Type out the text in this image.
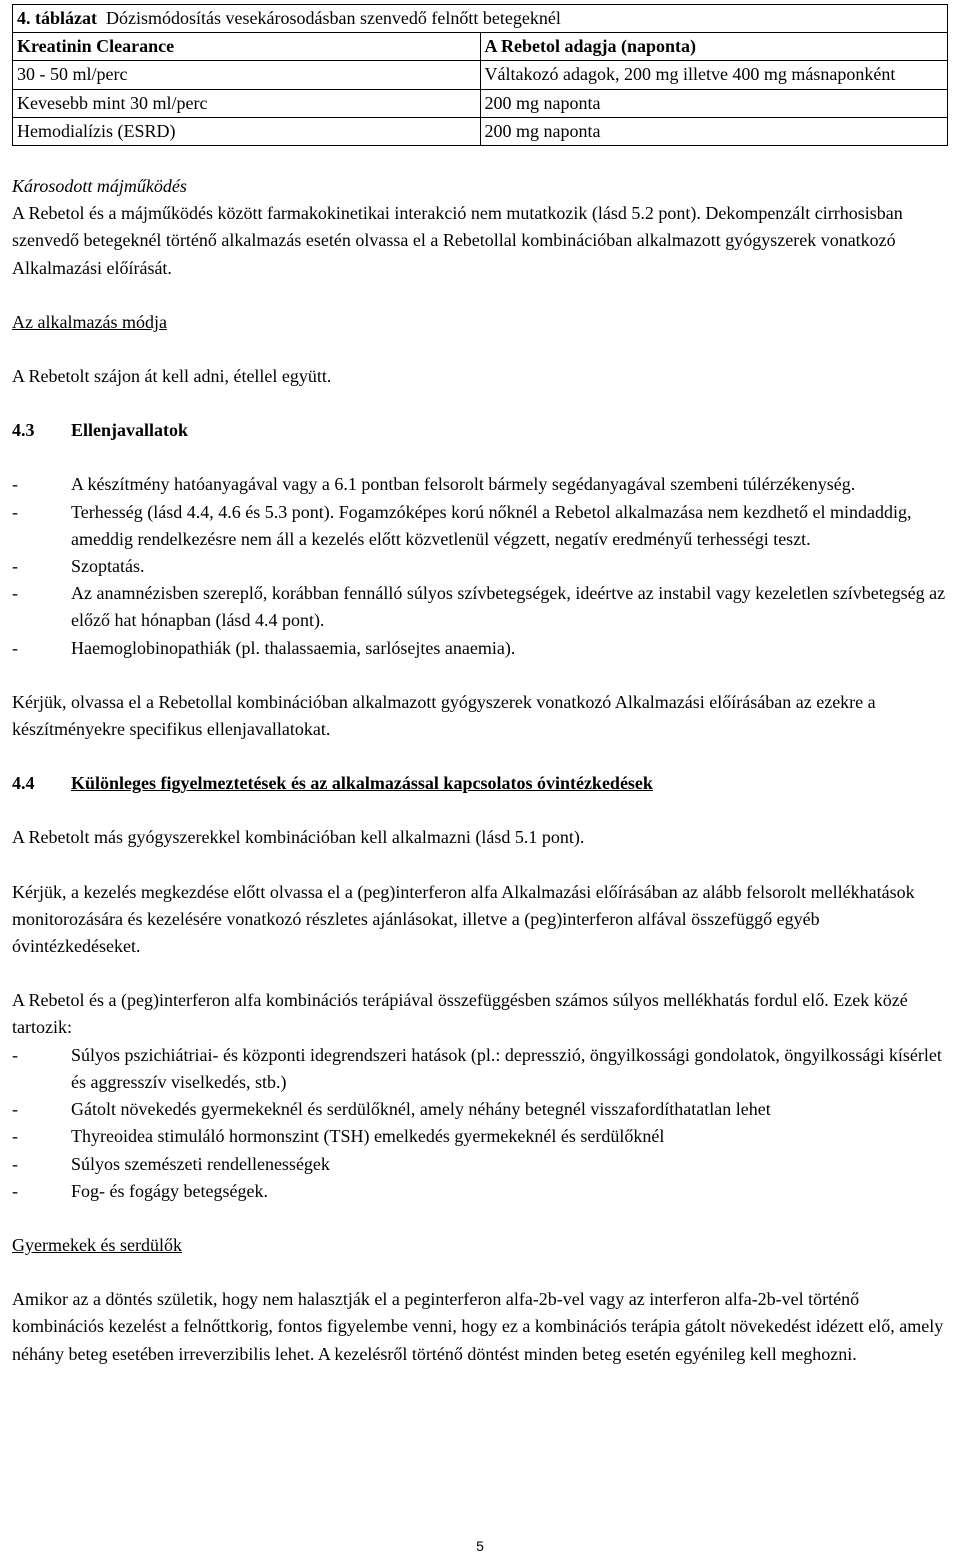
4. táblázat Dózismódosítás vesekárosodásban szenvedő felnőtt betegeknél	
Kreatinin Clearance	A Rebetol adagja (naponta)
30 - 50 ml/perc	Váltakozó adagok, 200 mg illetve 400 mg másnaponként
Kevesebb mint 30 ml/perc	200 mg naponta
Hemodialízis (ESRD)	200 mg naponta

Károsodott májműködés

A Rebetol és a májműködés között farmakokinetikai interakció nem mutatkozik (lásd 5.2 pont). Dekompenzált cirrhosisban szenvedő betegeknél történő alkalmazás esetén olvassa el a Rebetollal kombinációban alkalmazott gyógyszerek vonatkozó Alkalmazási előírását.

Az alkalmazás módja

A Rebetolt szájon át kell adni, étellel együtt.

4.3 Ellenjavallatok

-	A készítmény hatóanyagával vagy a 6.1 pontban felsorolt bármely segédanyagával szembeni túlérzékenység.
-	Terhesség (lásd 4.4, 4.6 és 5.3 pont). Fogamzóképes korú nőknél a Rebetol alkalmazása nem kezdhető el mindaddig, ameddig rendelkezésre nem áll a kezelés előtt közvetlenül végzett, negatív eredményű terhességi teszt.
-	Szoptatás.
-	Az anamnézisben szereplő, korábban fennálló súlyos szívbetegségek, ideértve az instabil vagy kezeletlen szívbetegség az előző hat hónapban (lásd 4.4 pont).
-	Haemoglobinopathiák (pl. thalassaemia, sarlósejtes anaemia).

Kérjük, olvassa el a Rebetollal kombinációban alkalmazott gyógyszerek vonatkozó Alkalmazási előírásában az ezekre a készítményekre specifikus ellenjavallatokat.

4.4 Különleges figyelmeztetések és az alkalmazással kapcsolatos óvintézkedések

A Rebetolt más gyógyszerekkel kombinációban kell alkalmazni (lásd 5.1 pont).

Kérjük, a kezelés megkezdése előtt olvassa el a (peg)interferon alfa Alkalmazási előírásában az alább felsorolt mellékhatások monitorozására és kezelésére vonatkozó részletes ajánlásokat, illetve a (peg)interferon alfával összefüggő egyéb óvintézkedéseket.

A Rebetol és a (peg)interferon alfa kombinációs terápiával összefüggésben számos súlyos mellékhatás fordul elő. Ezek közé tartozik:

-	Súlyos pszichiátriai- és központi idegrendszeri hatások (pl.: depresszió, öngyilkossági gondolatok, öngyilkossági kísérlet és aggresszív viselkedés, stb.)
-	Gátolt növekedés gyermekeknél és serdülőknél, amely néhány betegnél visszafordíthatatlan lehet
-	Thyreoidea stimuláló hormonszint (TSH) emelkedés gyermekeknél és serdülőknél
-	Súlyos szemészeti rendellenességek
-	Fog- és fogágy betegségek.

Gyermekek és serdülők

Amikor az a döntés születik, hogy nem halasztják el a peginterferon alfa-2b-vel vagy az interferon alfa-2b-vel történő kombinációs kezelést a felnőttkorig, fontos figyelembe venni, hogy ez a kombinációs terápia gátolt növekedést idézett elő, amely néhány beteg esetében irreverzibilis lehet. A kezelésről történő döntést minden beteg esetén egyénileg kell meghozni.

5
